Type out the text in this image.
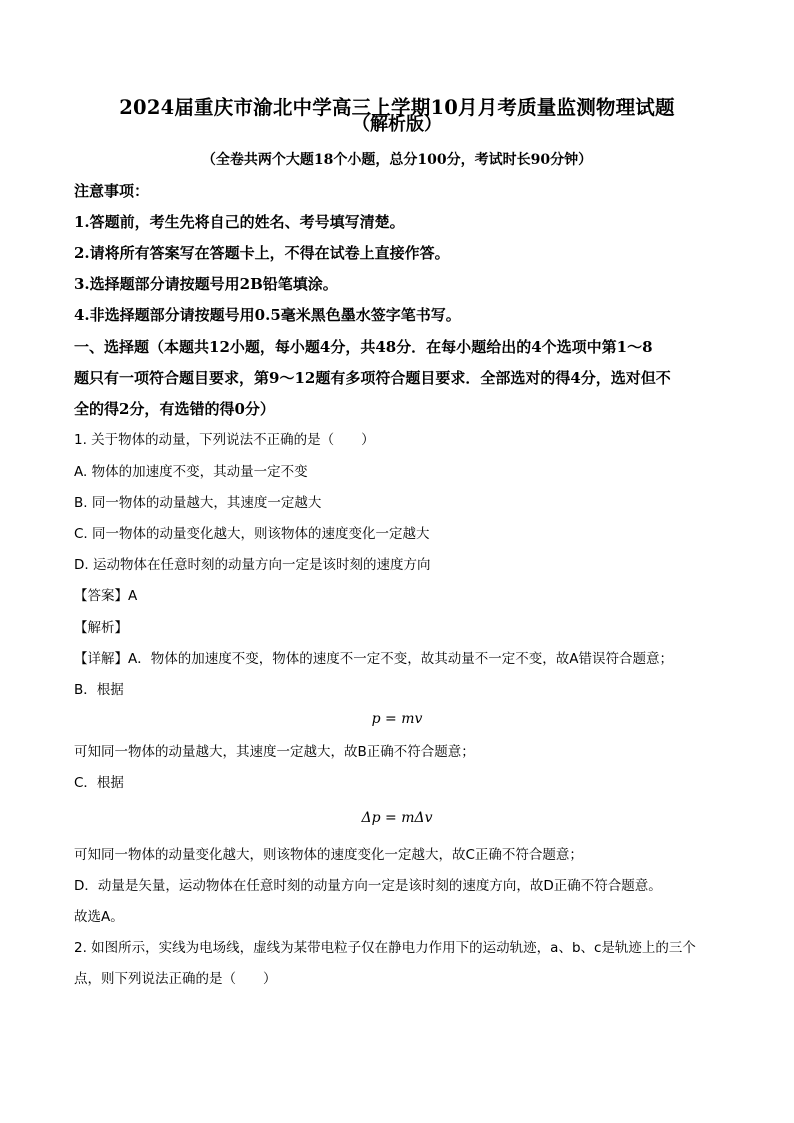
2024届重庆市渝北中学高三上学期10月月考质量监测物理试题
（解析版）
（全卷共两个大题18个小题，总分100分，考试时长90分钟）
注意事项：
1.答题前，考生先将自己的姓名、考号填写清楚。
2.请将所有答案写在答题卡上，不得在试卷上直接作答。
3.选择题部分请按题号用2B铅笔填涂。
4.非选择题部分请按题号用0.5毫米黑色墨水签字笔书写。
一、选择题（本题共12小题，每小题4分，共48分．在每小题给出的4个选项中第1～8
题只有一项符合题目要求，第9～12题有多项符合题目要求．全部选对的得4分，选对但不
全的得2分，有选错的得0分）
1. 关于物体的动量，下列说法不正确的是（　　）
A. 物体的加速度不变，其动量一定不变
B. 同一物体的动量越大，其速度一定越大
C. 同一物体的动量变化越大，则该物体的速度变化一定越大
D. 运动物体在任意时刻的动量方向一定是该时刻的速度方向
【答案】A
【解析】
【详解】A．物体的加速度不变，物体的速度不一定不变，故其动量不一定不变，故A错误符合题意；
B．根据
p = mv
可知同一物体的动量越大，其速度一定越大，故B正确不符合题意；
C．根据
Δp = mΔv
可知同一物体的动量变化越大，则该物体的速度变化一定越大，故C正确不符合题意；
D．动量是矢量，运动物体在任意时刻的动量方向一定是该时刻的速度方向，故D正确不符合题意。
故选A。
2. 如图所示，实线为电场线，虚线为某带电粒子仅在静电力作用下的运动轨迹，a、b、c是轨迹上的三个
点，则下列说法正确的是（　　）
